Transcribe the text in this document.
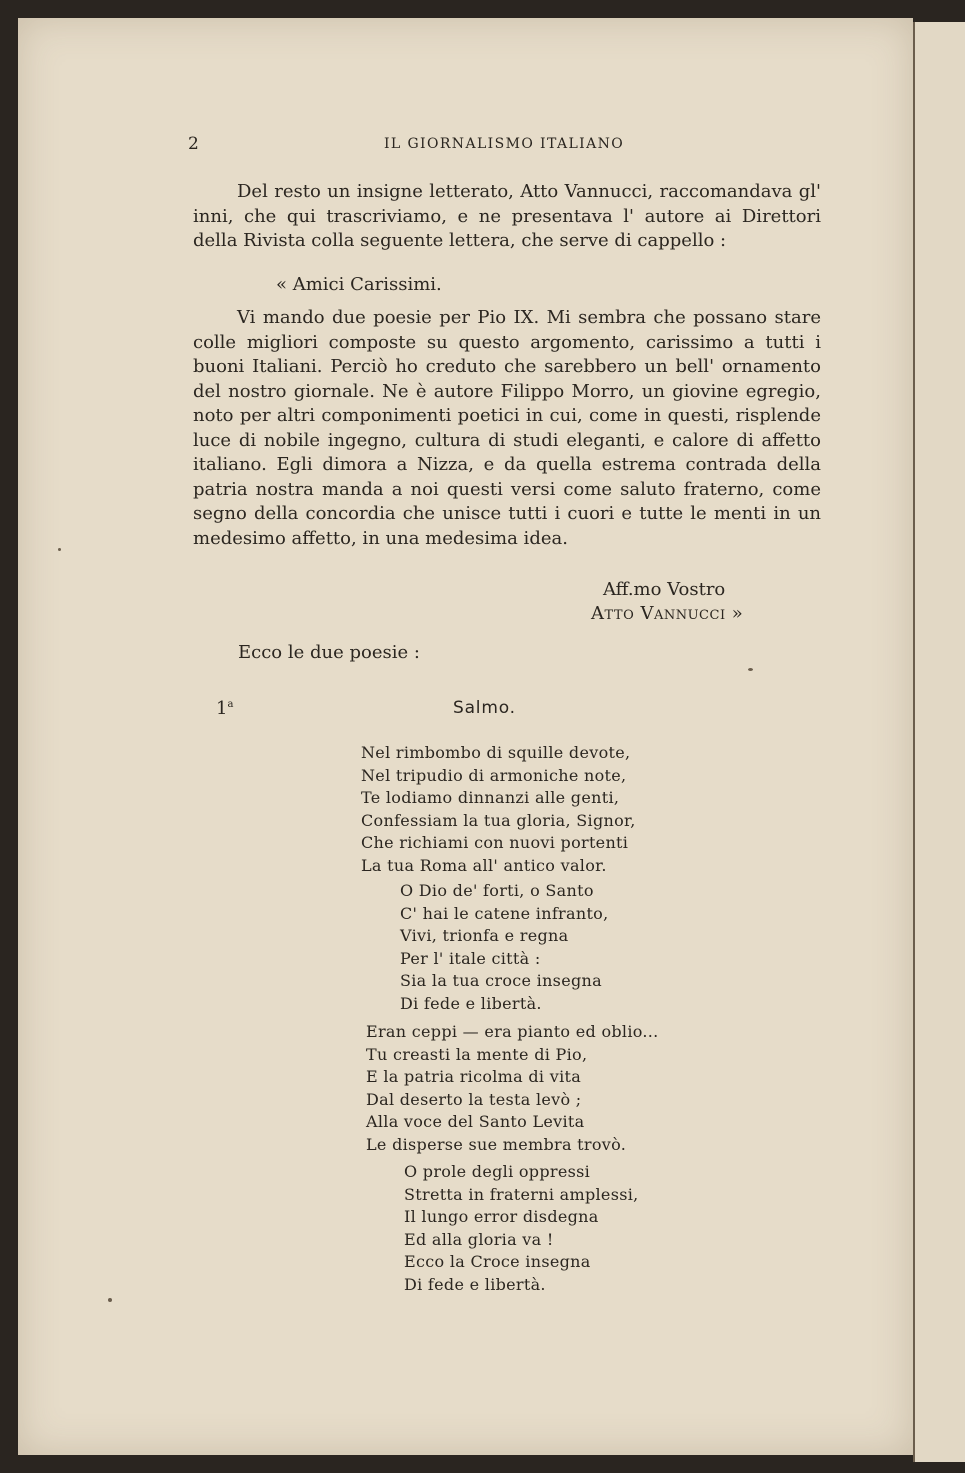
2	IL GIORNALISMO ITALIANO

Del resto un insigne letterato, Atto Vannucci, raccomandava gl' inni, che qui trascriviamo, e ne presentava l' autore ai Direttori della Rivista colla seguente lettera, che serve di cappello :

« Amici Carissimi.

Vi mando due poesie per Pio IX. Mi sembra che possano stare colle migliori composte su questo argomento, carissimo a tutti i buoni Italiani. Perciò ho creduto che sarebbero un bell' ornamento del nostro giornale. Ne è autore Filippo Morro, un giovine egregio, noto per altri componimenti poetici in cui, come in questi, risplende luce di nobile ingegno, cultura di studi eleganti, e calore di affetto italiano. Egli dimora a Nizza, e da quella estrema contrada della patria nostra manda a noi questi versi come saluto fraterno, come segno della concordia che unisce tutti i cuori e tutte le menti in un medesimo affetto, in una medesima idea.

Aff.mo Vostro
Atto Vannucci »
Ecco le due poesie :
1$^a$	Salmo.
Nel rimbombo di squille devote,
Nel tripudio di armoniche note,
Te lodiamo dinnanzi alle genti,
Confessiam la tua gloria, Signor,
Che richiami con nuovi portenti
La tua Roma all' antico valor.
O Dio de' forti, o Santo
C' hai le catene infranto,
Vivi, trionfa e regna
Per l' itale città :
Sia la tua croce insegna
Di fede e libertà.
Eran ceppi — era pianto ed oblio...
Tu creasti la mente di Pio,
E la patria ricolma di vita
Dal deserto la testa levò ;
Alla voce del Santo Levita
Le disperse sue membra trovò.
O prole degli oppressi
Stretta in fraterni amplessi,
Il lungo error disdegna
Ed alla gloria va !
Ecco la Croce insegna
Di fede e libertà.
